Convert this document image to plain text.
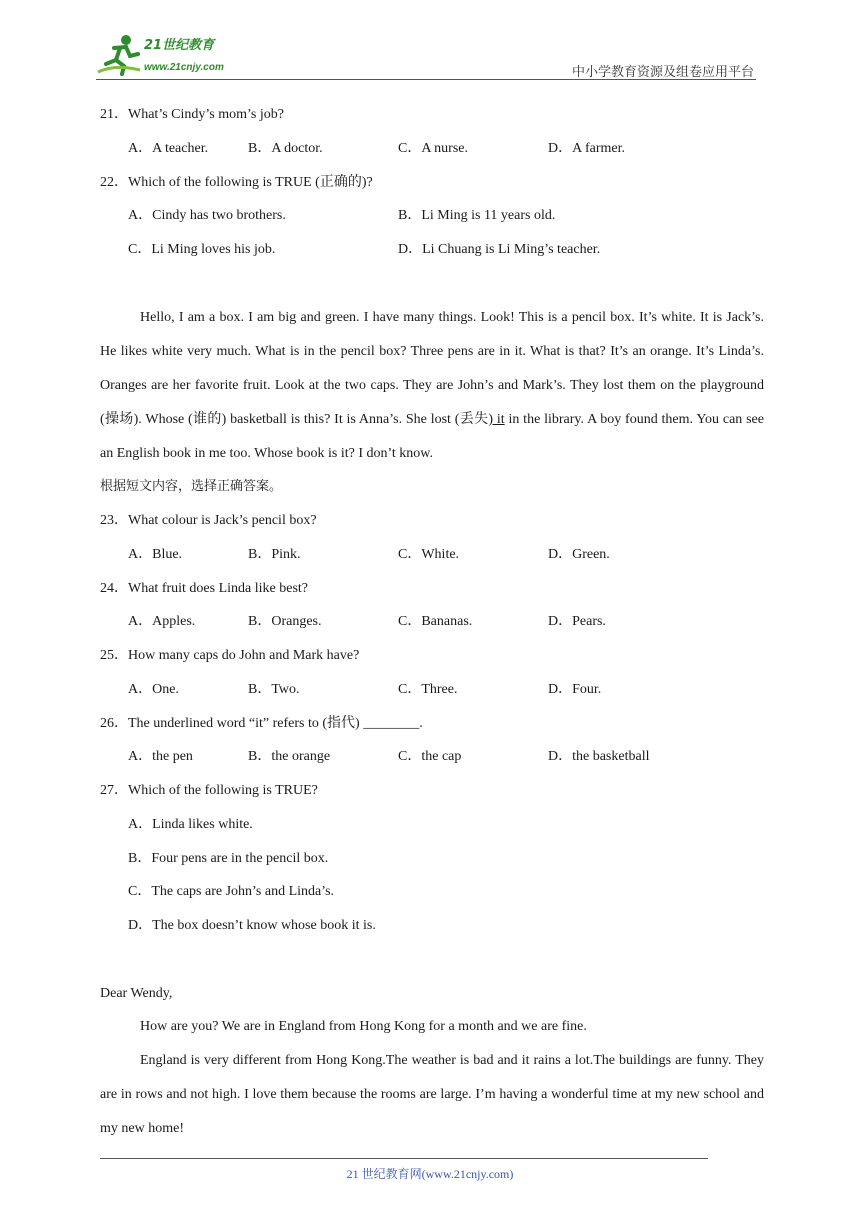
21世纪教育
www.21cnjy.com	中小学教育资源及组卷应用平台
21．What’s Cindy’s mom’s job?
A．A teacher.	B．A doctor.	C．A nurse.	D．A farmer.
22．Which of the following is TRUE (正确的)?
A．Cindy has two brothers.	B．Li Ming is 11 years old.
C．Li Ming loves his job.	D．Li Chuang is Li Ming’s teacher.

Hello, I am a box. I am big and green. I have many things. Look! This is a pencil box. It’s white. It is Jack’s. He likes white very much. What is in the pencil box? Three pens are in it. What is that? It’s an orange. It’s Linda’s. Oranges are her favorite fruit. Look at the two caps. They are John’s and Mark’s. They lost them on the playground (操场). Whose (谁的) basketball is this? It is Anna’s. She lost (丢失) it in the library. A boy found them. You can see an English book in me too. Whose book is it? I don’t know.

根据短文内容，选择正确答案。
23．What colour is Jack’s pencil box?
A．Blue.	B．Pink.	C．White.	D．Green.
24．What fruit does Linda like best?
A．Apples.	B．Oranges.	C．Bananas.	D．Pears.
25．How many caps do John and Mark have?
A．One.	B．Two.	C．Three.	D．Four.
26．The underlined word “it” refers to (指代) ________.
A．the pen	B．the orange	C．the cap	D．the basketball
27．Which of the following is TRUE?
A．Linda likes white.
B．Four pens are in the pencil box.
C．The caps are John’s and Linda’s.
D．The box doesn’t know whose book it is.
Dear Wendy,

How are you? We are in England from Hong Kong for a month and we are fine.

England is very different from Hong Kong.The weather is bad and it rains a lot.The buildings are funny. They are in rows and not high. I love them because the rooms are large. I’m having a wonderful time at my new school and my new home!

21 世纪教育网(www.21cnjy.com)
